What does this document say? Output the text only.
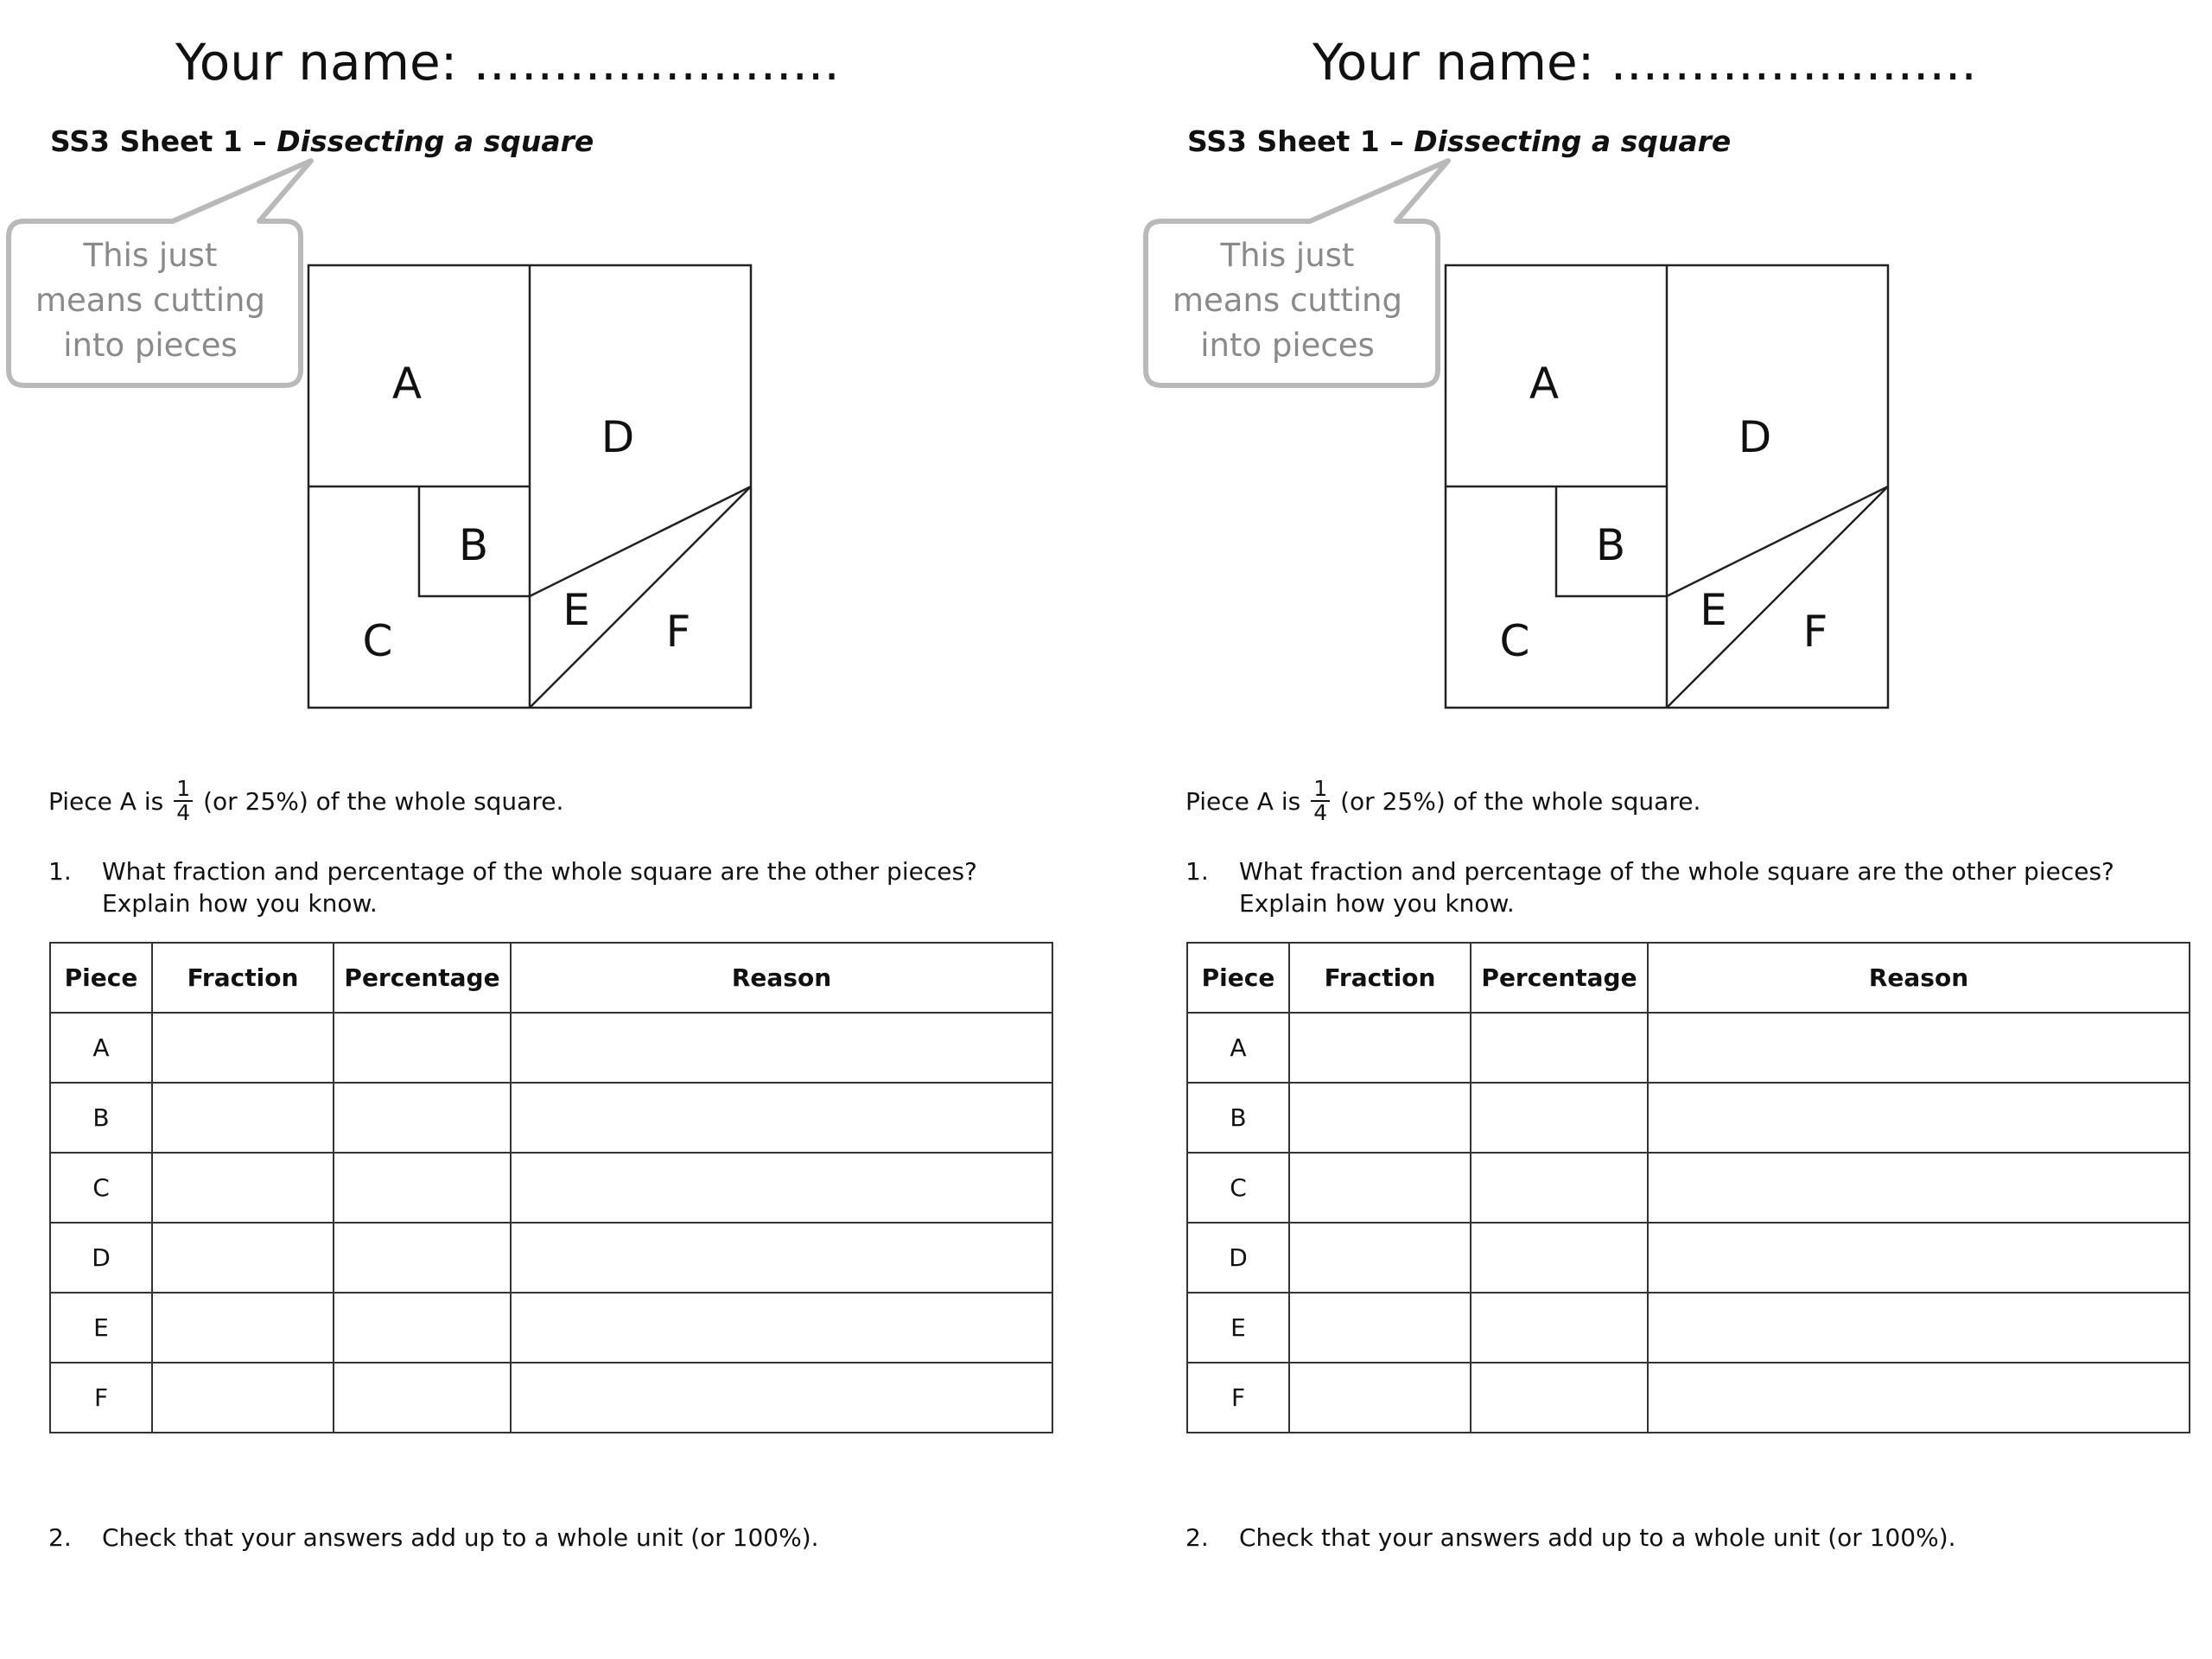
Your name: .......................
SS3 Sheet 1 – Dissecting a square
This just
means cutting
into pieces
A
D
B
C
E F
Piece A is $\frac{1}{4} (or$ 25%) of the whole square.
1. What fraction and percentage of the whole square are the other pieces?
Explain how you know.
Piece	Fraction	Percentage	Reason
A			
B			
C			
D			
E			
F			
2. Check that your answers add up to a whole unit (or 100%).
Your name: .......................
SS3 Sheet 1 – Dissecting a square
This just
means cutting
into pieces
A
D
B
C
E F
Piece A is $\frac{1}{4} (or$ 25%) of the whole square.
1. What fraction and percentage of the whole square are the other pieces?
Explain how you know.
Piece	Fraction	Percentage	Reason
A			
B			
C			
D			
E			
F			
2. Check that your answers add up to a whole unit (or 100%).
